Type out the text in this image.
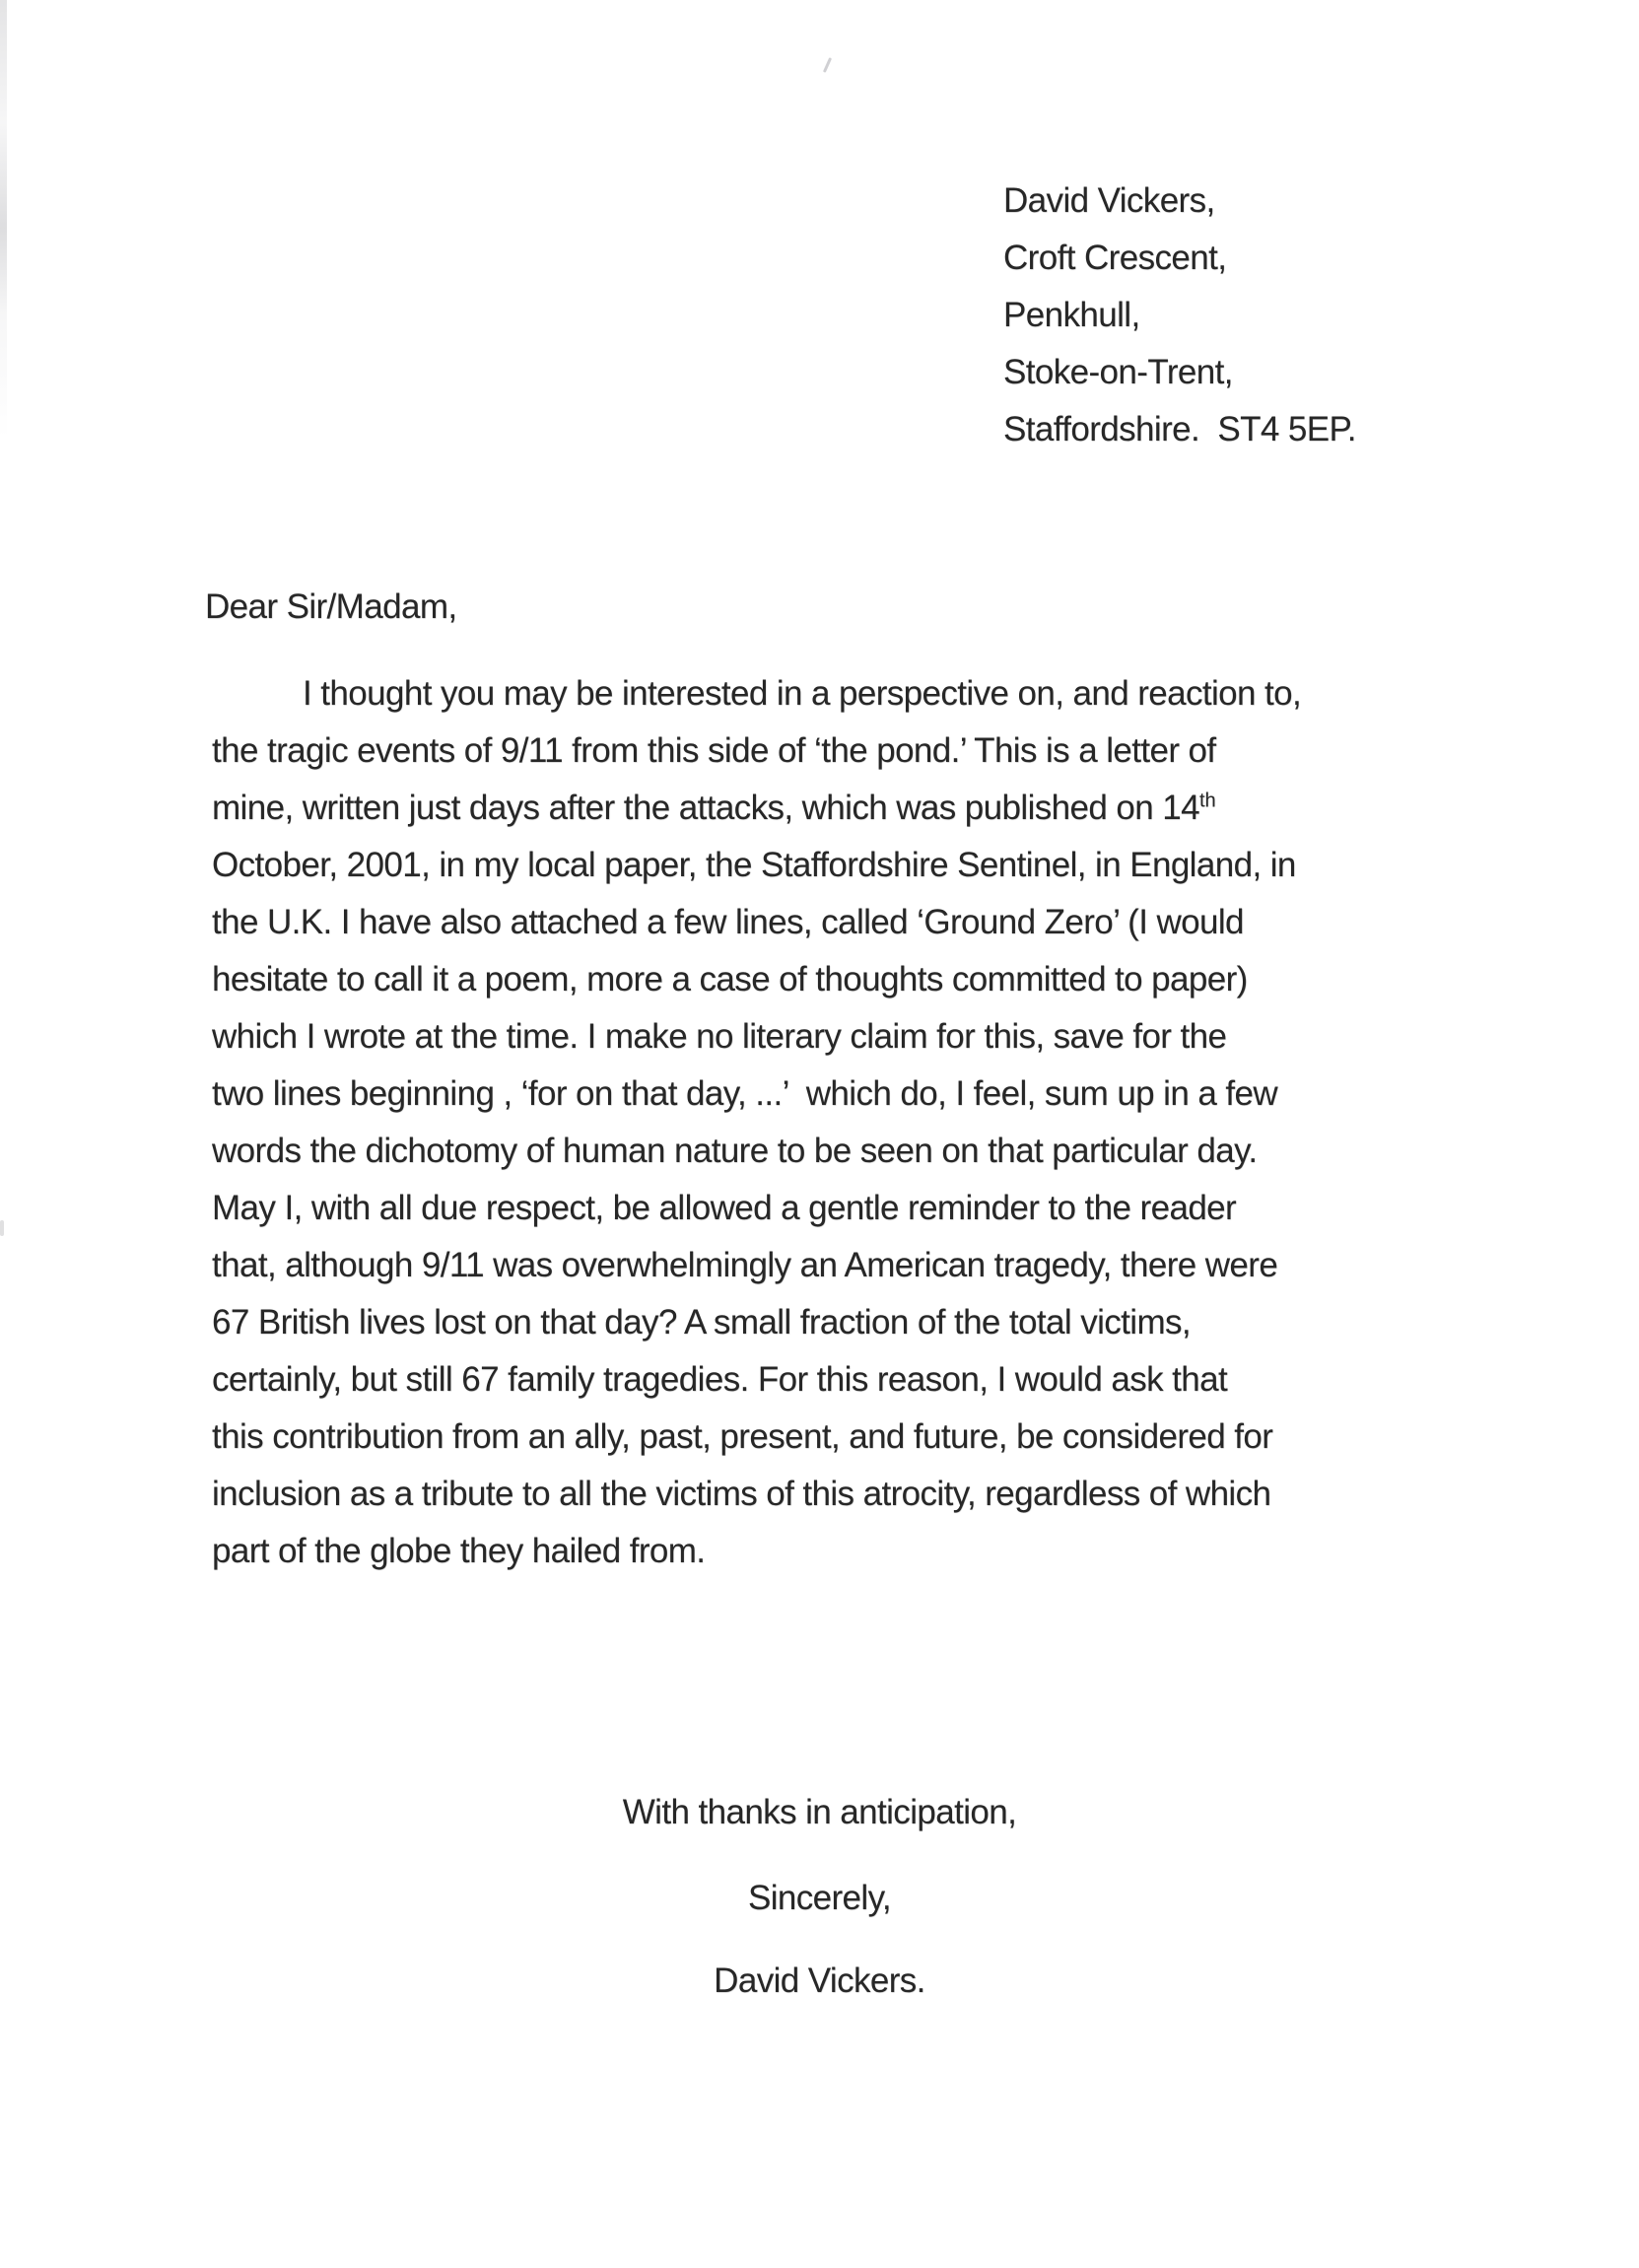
David Vickers,
Croft Crescent,
Penkhull,
Stoke-on-Trent,
Staffordshire.  ST4 5EP.
Dear Sir/Madam,
I thought you may be interested in a perspective on, and reaction to,
the tragic events of 9/11 from this side of ‘the pond.’ This is a letter of
mine, written just days after the attacks, which was published on 14th
October, 2001, in my local paper, the Staffordshire Sentinel, in England, in
the U.K. I have also attached a few lines, called ‘Ground Zero’ (I would
hesitate to call it a poem, more a case of thoughts committed to paper)
which I wrote at the time. I make no literary claim for this, save for the
two lines beginning , ‘for on that day, ...’  which do, I feel, sum up in a few
words the dichotomy of human nature to be seen on that particular day.
May I, with all due respect, be allowed a gentle reminder to the reader
that, although 9/11 was overwhelmingly an American tragedy, there were
67 British lives lost on that day? A small fraction of the total victims,
certainly, but still 67 family tragedies. For this reason, I would ask that
this contribution from an ally, past, present, and future, be considered for
inclusion as a tribute to all the victims of this atrocity, regardless of which
part of the globe they hailed from.
With thanks in anticipation,
Sincerely,
David Vickers.
